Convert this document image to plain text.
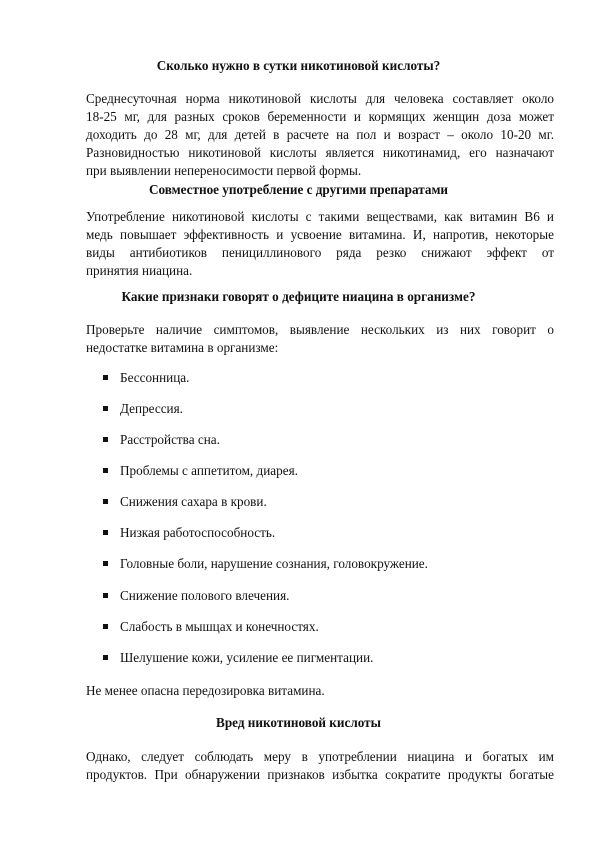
Сколько нужно в сутки никотиновой кислоты?
Среднесуточная норма никотиновой кислоты для человека составляет около
18-25 мг, для разных сроков беременности и кормящих женщин доза может
доходить до 28 мг, для детей в расчете на пол и возраст – около 10-20 мг.
Разновидностью никотиновой кислоты является никотинамид, его назначают
при выявлении непереносимости первой формы.
Совместное употребление с другими препаратами
Употребление никотиновой кислоты с такими веществами, как витамин В6 и
медь повышает эффективность и усвоение витамина. И, напротив, некоторые
виды антибиотиков пенициллинового ряда резко снижают эффект от
принятия ниацина.
Какие признаки говорят о дефиците ниацина в организме?
Проверьте наличие симптомов, выявление нескольких из них говорит о
недостатке витамина в организме:
Бессонница.
Депрессия.
Расстройства сна.
Проблемы с аппетитом, диарея.
Снижения сахара в крови.
Низкая работоспособность.
Головные боли, нарушение сознания, головокружение.
Снижение полового влечения.
Слабость в мышцах и конечностях.
Шелушение кожи, усиление ее пигментации.
Не менее опасна передозировка витамина.
Вред никотиновой кислоты
Однако, следует соблюдать меру в употреблении ниацина и богатых им
продуктов. При обнаружении признаков избытка сократите продукты богатые
